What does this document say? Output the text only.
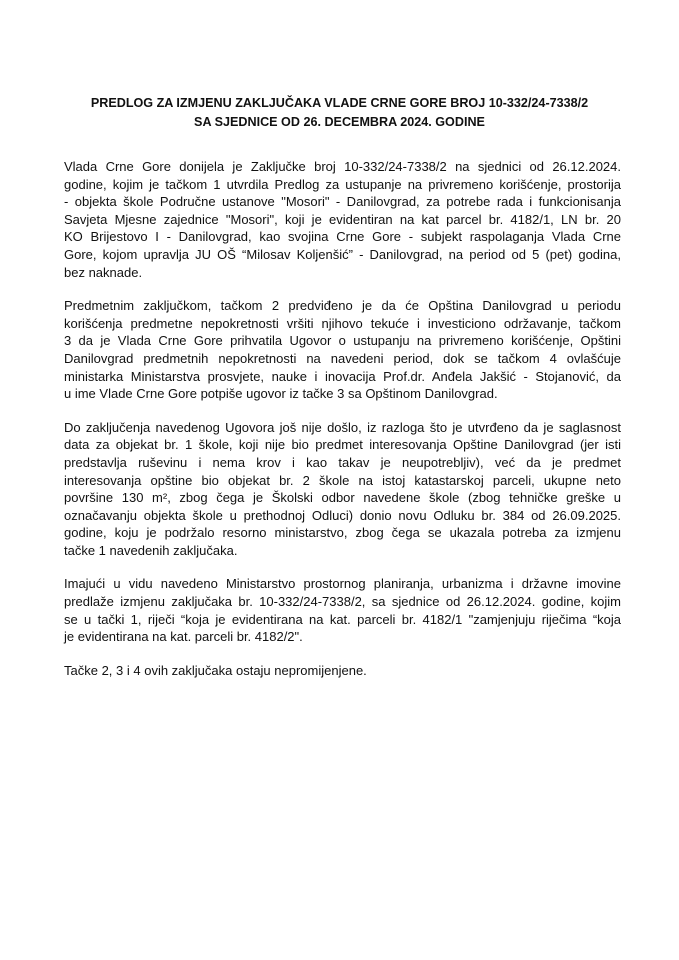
PREDLOG ZA IZMJENU ZAKLJUČAKA VLADE CRNE GORE BROJ 10-332/24-7338/2
SA SJEDNICE OD 26. DECEMBRA 2024. GODINE
Vlada Crne Gore donijela je Zaključke broj 10-332/24-7338/2 na sjednici od 26.12.2024.
godine, kojim je tačkom 1 utvrdila Predlog za ustupanje na privremeno korišćenje, prostorija
- objekta škole Područne ustanove "Mosori" - Danilovgrad, za potrebe rada i funkcionisanja
Savjeta Mjesne zajednice "Mosori", koji je evidentiran na kat parcel br. 4182/1, LN br. 20
KO Brijestovo I - Danilovgrad, kao svojina Crne Gore - subjekt raspolaganja Vlada Crne
Gore, kojom upravlja JU OŠ “Milosav Koljenšić” - Danilovgrad, na period od 5 (pet) godina,
bez naknade.
Predmetnim zaključkom, tačkom 2 predviđeno je da će Opština Danilovgrad u periodu
korišćenja predmetne nepokretnosti vršiti njihovo tekuće i investiciono održavanje, tačkom
3 da je Vlada Crne Gore prihvatila Ugovor o ustupanju na privremeno korišćenje, Opštini
Danilovgrad predmetnih nepokretnosti na navedeni period, dok se tačkom 4 ovlašćuje
ministarka Ministarstva prosvjete, nauke i inovacija Prof.dr. Anđela Jakšić - Stojanović, da
u ime Vlade Crne Gore potpiše ugovor iz tačke 3 sa Opštinom Danilovgrad.
Do zaključenja navedenog Ugovora još nije došlo, iz razloga što je utvrđeno da je saglasnost
data za objekat br. 1 škole, koji nije bio predmet interesovanja Opštine Danilovgrad (jer isti
predstavlja ruševinu i nema krov i kao takav je neupotrebljiv), već da je predmet
interesovanja opštine bio objekat br. 2 škole na istoj katastarskoj parceli, ukupne neto
površine 130 m², zbog čega je Školski odbor navedene škole (zbog tehničke greške u
označavanju objekta škole u prethodnoj Odluci) donio novu Odluku br. 384 od 26.09.2025.
godine, koju je podržalo resorno ministarstvo, zbog čega se ukazala potreba za izmjenu
tačke 1 navedenih zaključaka.
Imajući u vidu navedeno Ministarstvo prostornog planiranja, urbanizma i državne imovine
predlaže izmjenu zaključaka br. 10-332/24-7338/2, sa sjednice od 26.12.2024. godine, kojim
se u tački 1, riječi “koja je evidentirana na kat. parceli br. 4182/1 "zamjenjuju riječima “koja
je evidentirana na kat. parceli br. 4182/2".
Tačke 2, 3 i 4 ovih zaključaka ostaju nepromijenjene.
